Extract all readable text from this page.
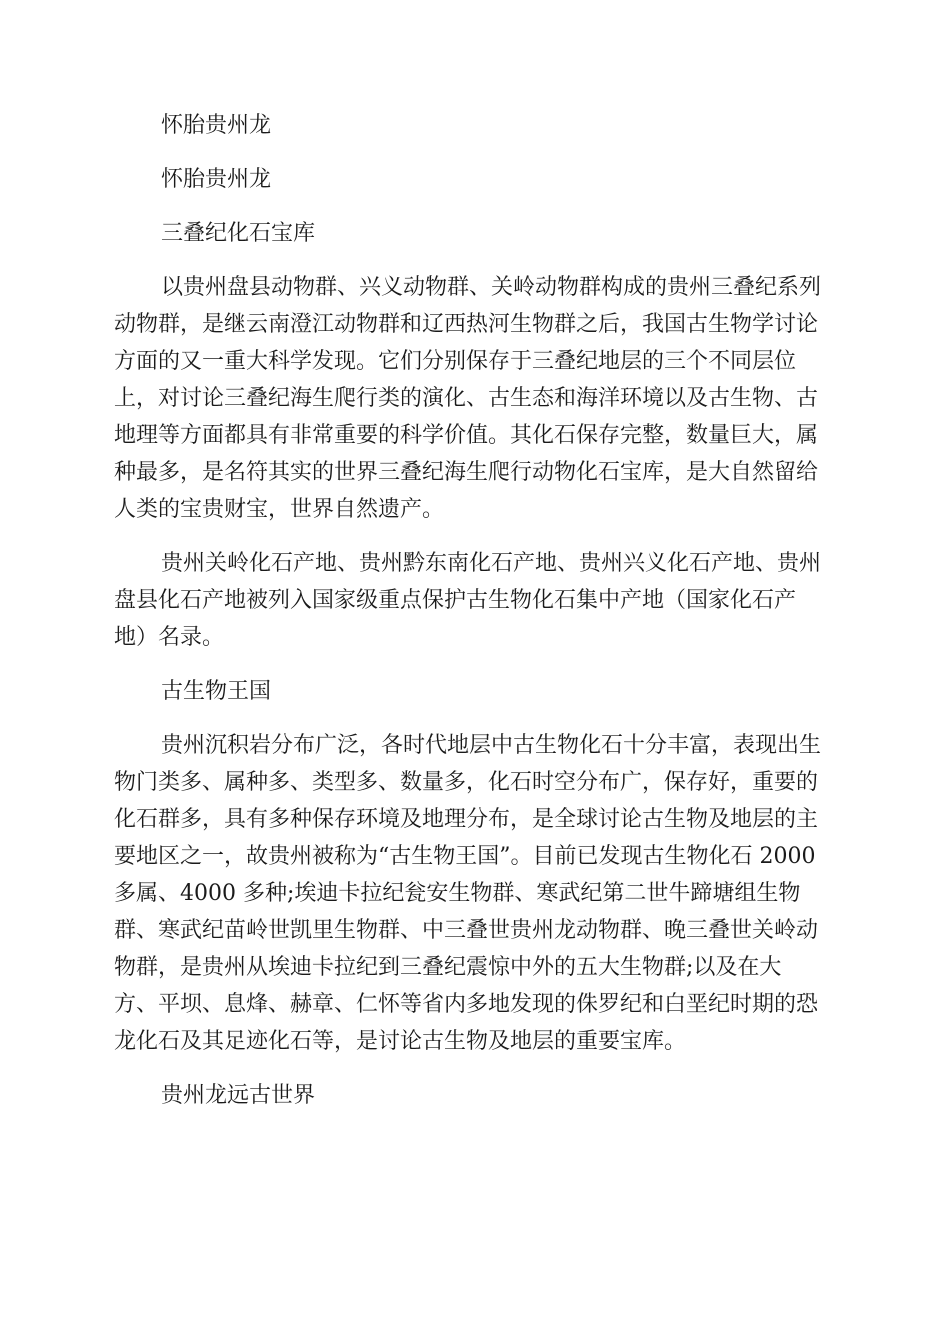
怀胎贵州龙
怀胎贵州龙
三叠纪化石宝库
以贵州盘县动物群、兴义动物群、关岭动物群构成的贵州三叠纪系列
动物群，是继云南澄江动物群和辽西热河生物群之后，我国古生物学讨论
方面的又一重大科学发现。它们分别保存于三叠纪地层的三个不同层位
上，对讨论三叠纪海生爬行类的演化、古生态和海洋环境以及古生物、古
地理等方面都具有非常重要的科学价值。其化石保存完整，数量巨大，属
种最多，是名符其实的世界三叠纪海生爬行动物化石宝库，是大自然留给
人类的宝贵财宝，世界自然遗产。
贵州关岭化石产地、贵州黔东南化石产地、贵州兴义化石产地、贵州
盘县化石产地被列入国家级重点保护古生物化石集中产地（国家化石产
地）名录。
古生物王国
贵州沉积岩分布广泛，各时代地层中古生物化石十分丰富，表现出生
物门类多、属种多、类型多、数量多，化石时空分布广，保存好，重要的
化石群多，具有多种保存环境及地理分布，是全球讨论古生物及地层的主
要地区之一，故贵州被称为“古生物王国”。目前已发现古生物化石 2000
多属、4000 多种;埃迪卡拉纪瓮安生物群、寒武纪第二世牛蹄塘组生物
群、寒武纪苗岭世凯里生物群、中三叠世贵州龙动物群、晚三叠世关岭动
物群，是贵州从埃迪卡拉纪到三叠纪震惊中外的五大生物群;以及在大
方、平坝、息烽、赫章、仁怀等省内多地发现的侏罗纪和白垩纪时期的恐
龙化石及其足迹化石等，是讨论古生物及地层的重要宝库。
贵州龙远古世界
